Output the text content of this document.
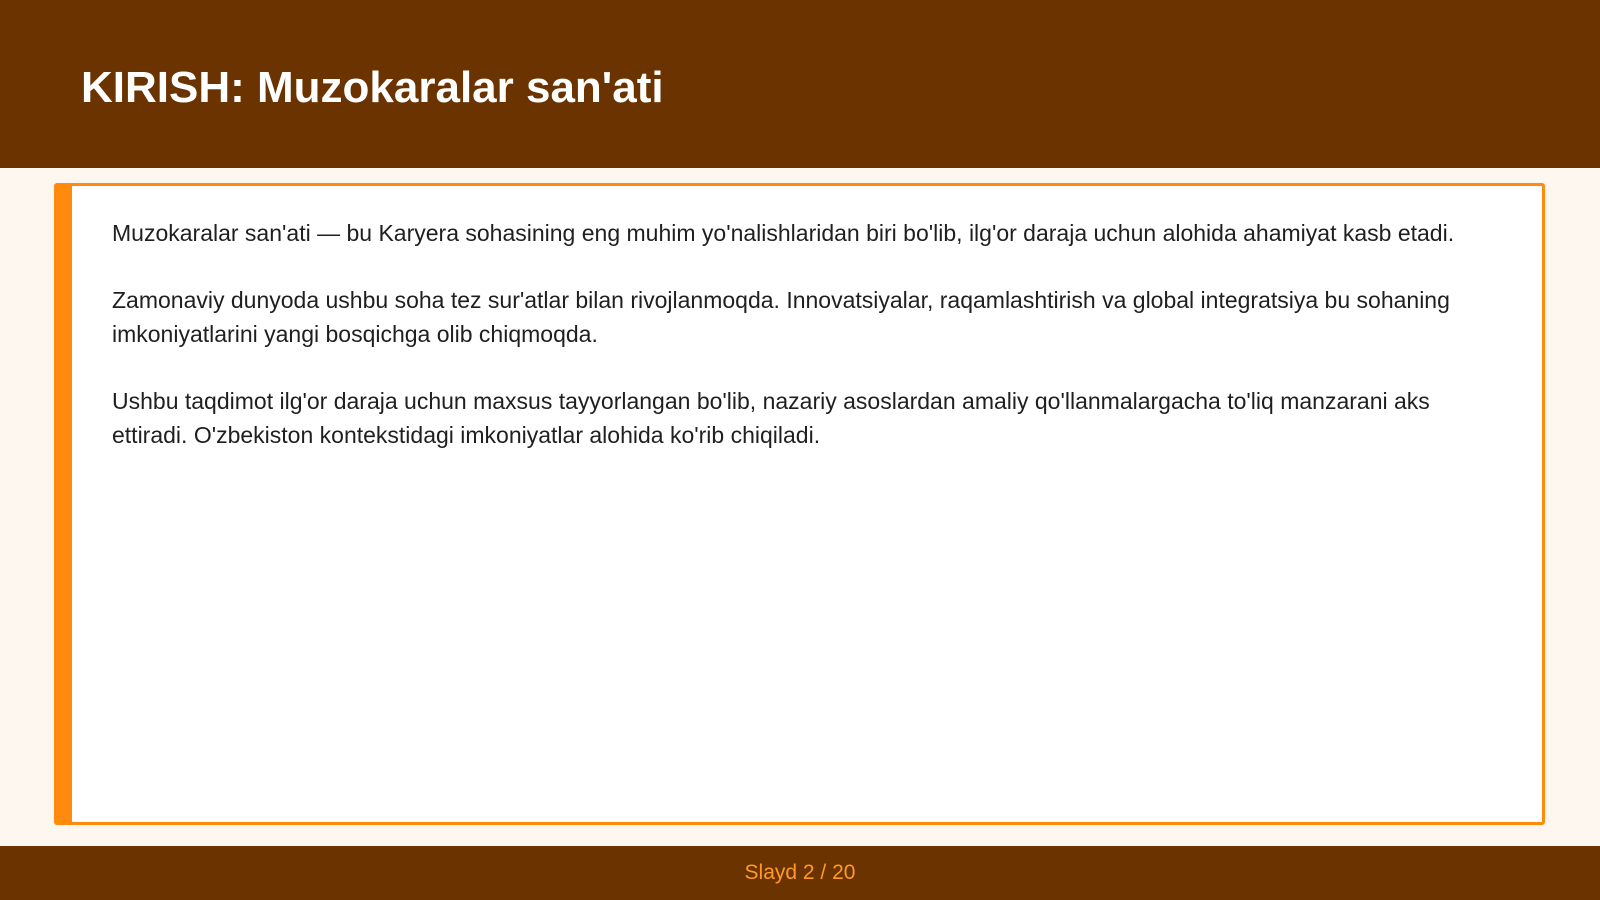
KIRISH: Muzokaralar san'ati

Muzokaralar san'ati — bu Karyera sohasining eng muhim yo'nalishlaridan biri bo'lib, ilg'or daraja uchun alohida ahamiyat kasb etadi.

Zamonaviy dunyoda ushbu soha tez sur'atlar bilan rivojlanmoqda. Innovatsiyalar, raqamlashtirish va global integratsiya bu sohaning imkoniyatlarini yangi bosqichga olib chiqmoqda.

Ushbu taqdimot ilg'or daraja uchun maxsus tayyorlangan bo'lib, nazariy asoslardan amaliy qo'llanmalargacha to'liq manzarani aks ettiradi. O'zbekiston kontekstidagi imkoniyatlar alohida ko'rib chiqiladi.

Slayd 2 / 20
